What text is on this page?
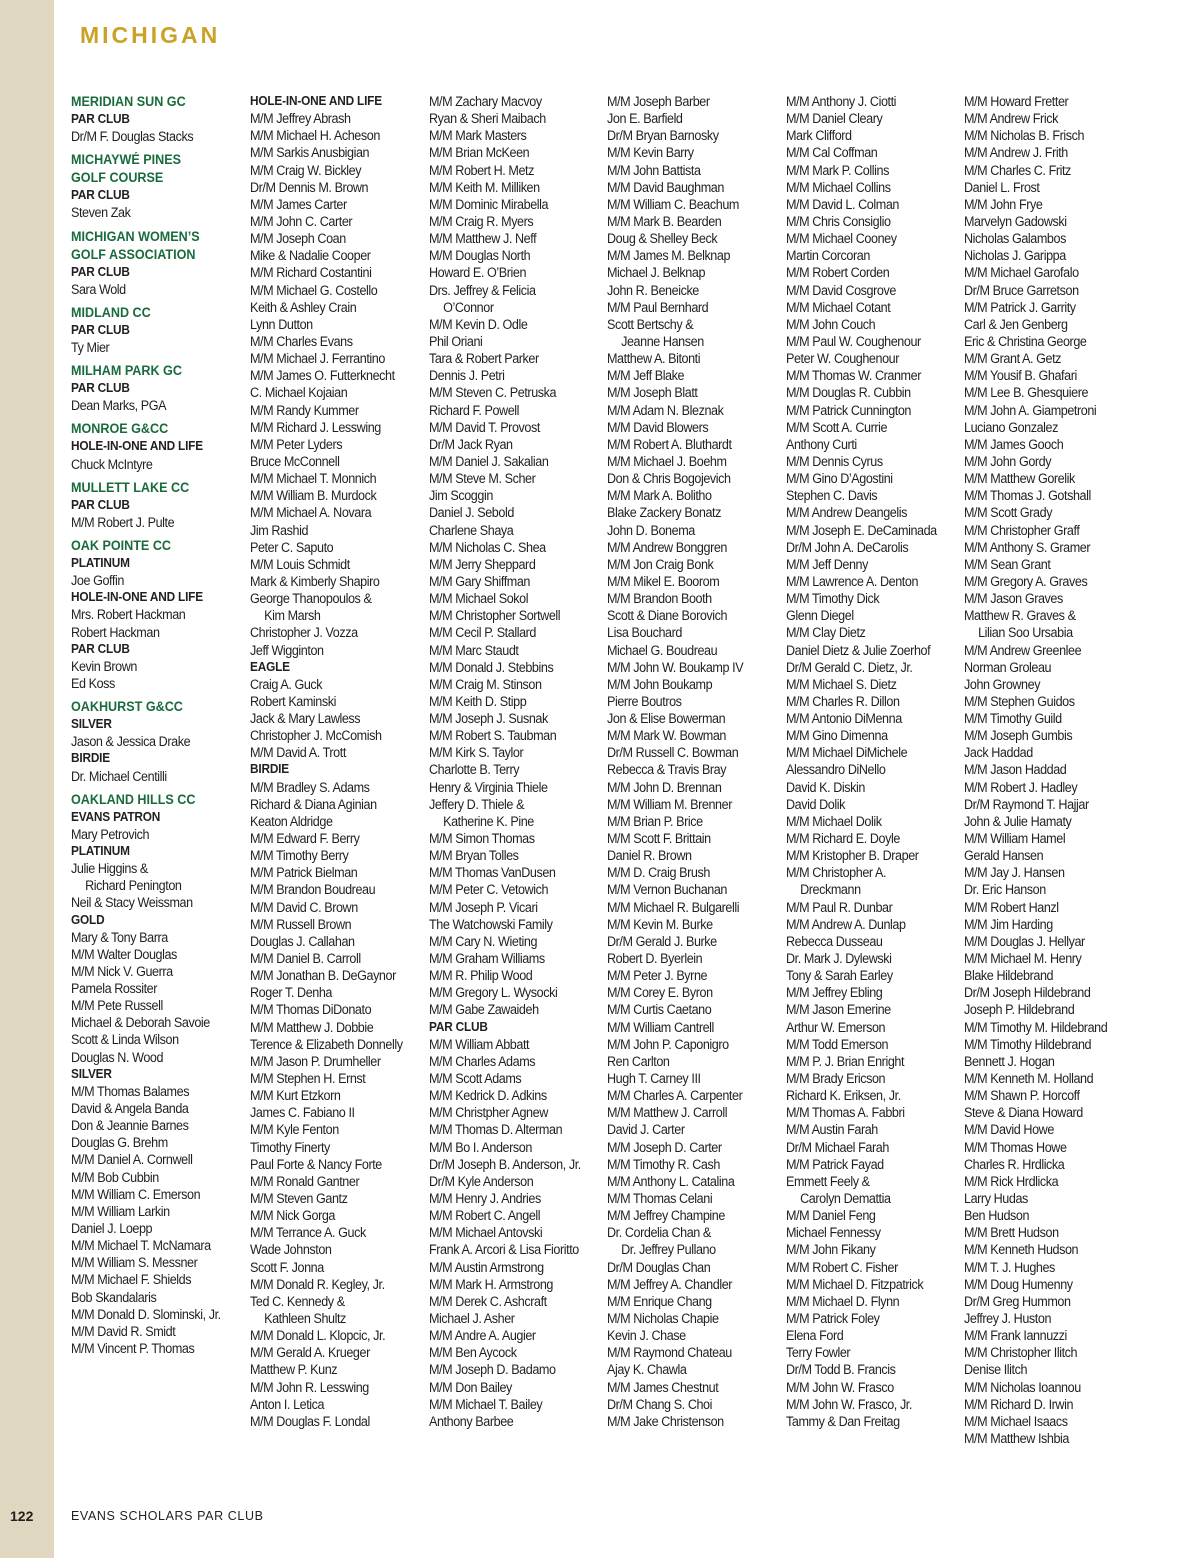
MICHIGAN
MERIDIAN SUN GC
PAR CLUB
Dr/M F. Douglas Stacks
MICHAYWÉ PINES
GOLF COURSE
PAR CLUB
Steven Zak
MICHIGAN WOMEN’S
GOLF ASSOCIATION
PAR CLUB
Sara Wold
MIDLAND CC
PAR CLUB
Ty Mier
MILHAM PARK GC
PAR CLUB
Dean Marks, PGA
MONROE G&CC
HOLE-IN-ONE AND LIFE
Chuck McIntyre
MULLETT LAKE CC
PAR CLUB
M/M Robert J. Pulte
OAK POINTE CC
PLATINUM
Joe Goffin
HOLE-IN-ONE AND LIFE
Mrs. Robert Hackman
Robert Hackman
PAR CLUB
Kevin Brown
Ed Koss
OAKHURST G&CC
SILVER
Jason & Jessica Drake
BIRDIE
Dr. Michael Centilli
OAKLAND HILLS CC
EVANS PATRON
Mary Petrovich
PLATINUM
Julie Higgins &
Richard Penington
Neil & Stacy Weissman
GOLD
Mary & Tony Barra
M/M Walter Douglas
M/M Nick V. Guerra
Pamela Rossiter
M/M Pete Russell
Michael & Deborah Savoie
Scott & Linda Wilson
Douglas N. Wood
SILVER
M/M Thomas Balames
David & Angela Banda
Don & Jeannie Barnes
Douglas G. Brehm
M/M Daniel A. Cornwell
M/M Bob Cubbin
M/M William C. Emerson
M/M William Larkin
Daniel J. Loepp
M/M Michael T. McNamara
M/M William S. Messner
M/M Michael F. Shields
Bob Skandalaris
M/M Donald D. Slominski, Jr.
M/M David R. Smidt
M/M Vincent P. Thomas
HOLE-IN-ONE AND LIFE
M/M Jeffrey Abrash
M/M Michael H. Acheson
M/M Sarkis Anusbigian
M/M Craig W. Bickley
Dr/M Dennis M. Brown
M/M James Carter
M/M John C. Carter
M/M Joseph Coan
Mike & Nadalie Cooper
M/M Richard Costantini
M/M Michael G. Costello
Keith & Ashley Crain
Lynn Dutton
M/M Charles Evans
M/M Michael J. Ferrantino
M/M James O. Futterknecht
C. Michael Kojaian
M/M Randy Kummer
M/M Richard J. Lesswing
M/M Peter Lyders
Bruce McConnell
M/M Michael T. Monnich
M/M William B. Murdock
M/M Michael A. Novara
Jim Rashid
Peter C. Saputo
M/M Louis Schmidt
Mark & Kimberly Shapiro
George Thanopoulos &
Kim Marsh
Christopher J. Vozza
Jeff Wigginton
EAGLE
Craig A. Guck
Robert Kaminski
Jack & Mary Lawless
Christopher J. McComish
M/M David A. Trott
BIRDIE
M/M Bradley S. Adams
Richard & Diana Aginian
Keaton Aldridge
M/M Edward F. Berry
M/M Timothy Berry
M/M Patrick Bielman
M/M Brandon Boudreau
M/M David C. Brown
M/M Russell Brown
Douglas J. Callahan
M/M Daniel B. Carroll
M/M Jonathan B. DeGaynor
Roger T. Denha
M/M Thomas DiDonato
M/M Matthew J. Dobbie
Terence & Elizabeth Donnelly
M/M Jason P. Drumheller
M/M Stephen H. Ernst
M/M Kurt Etzkorn
James C. Fabiano II
M/M Kyle Fenton
Timothy Finerty
Paul Forte & Nancy Forte
M/M Ronald Gantner
M/M Steven Gantz
M/M Nick Gorga
M/M Terrance A. Guck
Wade Johnston
Scott F. Jonna
M/M Donald R. Kegley, Jr.
Ted C. Kennedy &
Kathleen Shultz
M/M Donald L. Klopcic, Jr.
M/M Gerald A. Krueger
Matthew P. Kunz
M/M John R. Lesswing
Anton I. Letica
M/M Douglas F. Londal
M/M Zachary Macvoy
Ryan & Sheri Maibach
M/M Mark Masters
M/M Brian McKeen
M/M Robert H. Metz
M/M Keith M. Milliken
M/M Dominic Mirabella
M/M Craig R. Myers
M/M Matthew J. Neff
M/M Douglas North
Howard E. O’Brien
Drs. Jeffrey & Felicia
O’Connor
M/M Kevin D. Odle
Phil Oriani
Tara & Robert Parker
Dennis J. Petri
M/M Steven C. Petruska
Richard F. Powell
M/M David T. Provost
Dr/M Jack Ryan
M/M Daniel J. Sakalian
M/M Steve M. Scher
Jim Scoggin
Daniel J. Sebold
Charlene Shaya
M/M Nicholas C. Shea
M/M Jerry Sheppard
M/M Gary Shiffman
M/M Michael Sokol
M/M Christopher Sortwell
M/M Cecil P. Stallard
M/M Marc Staudt
M/M Donald J. Stebbins
M/M Craig M. Stinson
M/M Keith D. Stipp
M/M Joseph J. Susnak
M/M Robert S. Taubman
M/M Kirk S. Taylor
Charlotte B. Terry
Henry & Virginia Thiele
Jeffery D. Thiele &
Katherine K. Pine
M/M Simon Thomas
M/M Bryan Tolles
M/M Thomas VanDusen
M/M Peter C. Vetowich
M/M Joseph P. Vicari
The Watchowski Family
M/M Cary N. Wieting
M/M Graham Williams
M/M R. Philip Wood
M/M Gregory L. Wysocki
M/M Gabe Zawaideh
PAR CLUB
M/M William Abbatt
M/M Charles Adams
M/M Scott Adams
M/M Kedrick D. Adkins
M/M Christpher Agnew
M/M Thomas D. Alterman
M/M Bo I. Anderson
Dr/M Joseph B. Anderson, Jr.
Dr/M Kyle Anderson
M/M Henry J. Andries
M/M Robert C. Angell
M/M Michael Antovski
Frank A. Arcori & Lisa Fioritto
M/M Austin Armstrong
M/M Mark H. Armstrong
M/M Derek C. Ashcraft
Michael J. Asher
M/M Andre A. Augier
M/M Ben Aycock
M/M Joseph D. Badamo
M/M Don Bailey
M/M Michael T. Bailey
Anthony Barbee
M/M Joseph Barber
Jon E. Barfield
Dr/M Bryan Barnosky
M/M Kevin Barry
M/M John Battista
M/M David Baughman
M/M William C. Beachum
M/M Mark B. Bearden
Doug & Shelley Beck
M/M James M. Belknap
Michael J. Belknap
John R. Beneicke
M/M Paul Bernhard
Scott Bertschy &
Jeanne Hansen
Matthew A. Bitonti
M/M Jeff Blake
M/M Joseph Blatt
M/M Adam N. Bleznak
M/M David Blowers
M/M Robert A. Bluthardt
M/M Michael J. Boehm
Don & Chris Bogojevich
M/M Mark A. Bolitho
Blake Zackery Bonatz
John D. Bonema
M/M Andrew Bonggren
M/M Jon Craig Bonk
M/M Mikel E. Boorom
M/M Brandon Booth
Scott & Diane Borovich
Lisa Bouchard
Michael G. Boudreau
M/M John W. Boukamp IV
M/M John Boukamp
Pierre Boutros
Jon & Elise Bowerman
M/M Mark W. Bowman
Dr/M Russell C. Bowman
Rebecca & Travis Bray
M/M John D. Brennan
M/M William M. Brenner
M/M Brian P. Brice
M/M Scott F. Brittain
Daniel R. Brown
M/M D. Craig Brush
M/M Vernon Buchanan
M/M Michael R. Bulgarelli
M/M Kevin M. Burke
Dr/M Gerald J. Burke
Robert D. Byerlein
M/M Peter J. Byrne
M/M Corey E. Byron
M/M Curtis Caetano
M/M William Cantrell
M/M John P. Caponigro
Ren Carlton
Hugh T. Carney III
M/M Charles A. Carpenter
M/M Matthew J. Carroll
David J. Carter
M/M Joseph D. Carter
M/M Timothy R. Cash
M/M Anthony L. Catalina
M/M Thomas Celani
M/M Jeffrey Champine
Dr. Cordelia Chan &
Dr. Jeffrey Pullano
Dr/M Douglas Chan
M/M Jeffrey A. Chandler
M/M Enrique Chang
M/M Nicholas Chapie
Kevin J. Chase
M/M Raymond Chateau
Ajay K. Chawla
M/M James Chestnut
Dr/M Chang S. Choi
M/M Jake Christenson
M/M Anthony J. Ciotti
M/M Daniel Cleary
Mark Clifford
M/M Cal Coffman
M/M Mark P. Collins
M/M Michael Collins
M/M David L. Colman
M/M Chris Consiglio
M/M Michael Cooney
Martin Corcoran
M/M Robert Corden
M/M David Cosgrove
M/M Michael Cotant
M/M John Couch
M/M Paul W. Coughenour
Peter W. Coughenour
M/M Thomas W. Cranmer
M/M Douglas R. Cubbin
M/M Patrick Cunnington
M/M Scott A. Currie
Anthony Curti
M/M Dennis Cyrus
M/M Gino D’Agostini
Stephen C. Davis
M/M Andrew Deangelis
M/M Joseph E. DeCaminada
Dr/M John A. DeCarolis
M/M Jeff Denny
M/M Lawrence A. Denton
M/M Timothy Dick
Glenn Diegel
M/M Clay Dietz
Daniel Dietz & Julie Zoerhof
Dr/M Gerald C. Dietz, Jr.
M/M Michael S. Dietz
M/M Charles R. Dillon
M/M Antonio DiMenna
M/M Gino Dimenna
M/M Michael DiMichele
Alessandro DiNello
David K. Diskin
David Dolik
M/M Michael Dolik
M/M Richard E. Doyle
M/M Kristopher B. Draper
M/M Christopher A.
Dreckmann
M/M Paul R. Dunbar
M/M Andrew A. Dunlap
Rebecca Dusseau
Dr. Mark J. Dylewski
Tony & Sarah Earley
M/M Jeffrey Ebling
M/M Jason Emerine
Arthur W. Emerson
M/M Todd Emerson
M/M P. J. Brian Enright
M/M Brady Ericson
Richard K. Eriksen, Jr.
M/M Thomas A. Fabbri
M/M Austin Farah
Dr/M Michael Farah
M/M Patrick Fayad
Emmett Feely &
Carolyn Demattia
M/M Daniel Feng
Michael Fennessy
M/M John Fikany
M/M Robert C. Fisher
M/M Michael D. Fitzpatrick
M/M Michael D. Flynn
M/M Patrick Foley
Elena Ford
Terry Fowler
Dr/M Todd B. Francis
M/M John W. Frasco
M/M John W. Frasco, Jr.
Tammy & Dan Freitag
M/M Howard Fretter
M/M Andrew Frick
M/M Nicholas B. Frisch
M/M Andrew J. Frith
M/M Charles C. Fritz
Daniel L. Frost
M/M John Frye
Marvelyn Gadowski
Nicholas Galambos
Nicholas J. Garippa
M/M Michael Garofalo
Dr/M Bruce Garretson
M/M Patrick J. Garrity
Carl & Jen Genberg
Eric & Christina George
M/M Grant A. Getz
M/M Yousif B. Ghafari
M/M Lee B. Ghesquiere
M/M John A. Giampetroni
Luciano Gonzalez
M/M James Gooch
M/M John Gordy
M/M Matthew Gorelik
M/M Thomas J. Gotshall
M/M Scott Grady
M/M Christopher Graff
M/M Anthony S. Gramer
M/M Sean Grant
M/M Gregory A. Graves
M/M Jason Graves
Matthew R. Graves &
Lilian Soo Ursabia
M/M Andrew Greenlee
Norman Groleau
John Growney
M/M Stephen Guidos
M/M Timothy Guild
M/M Joseph Gumbis
Jack Haddad
M/M Jason Haddad
M/M Robert J. Hadley
Dr/M Raymond T. Hajjar
John & Julie Hamaty
M/M William Hamel
Gerald Hansen
M/M Jay J. Hansen
Dr. Eric Hanson
M/M Robert Hanzl
M/M Jim Harding
M/M Douglas J. Hellyar
M/M Michael M. Henry
Blake Hildebrand
Dr/M Joseph Hildebrand
Joseph P. Hildebrand
M/M Timothy M. Hildebrand
M/M Timothy Hildebrand
Bennett J. Hogan
M/M Kenneth M. Holland
M/M Shawn P. Horcoff
Steve & Diana Howard
M/M David Howe
M/M Thomas Howe
Charles R. Hrdlicka
M/M Rick Hrdlicka
Larry Hudas
Ben Hudson
M/M Brett Hudson
M/M Kenneth Hudson
M/M T. J. Hughes
M/M Doug Humenny
Dr/M Greg Hummon
Jeffrey J. Huston
M/M Frank Iannuzzi
M/M Christopher Ilitch
Denise Ilitch
M/M Nicholas Ioannou
M/M Richard D. Irwin
M/M Michael Isaacs
M/M Matthew Ishbia
122	EVANS SCHOLARS PAR CLUB
